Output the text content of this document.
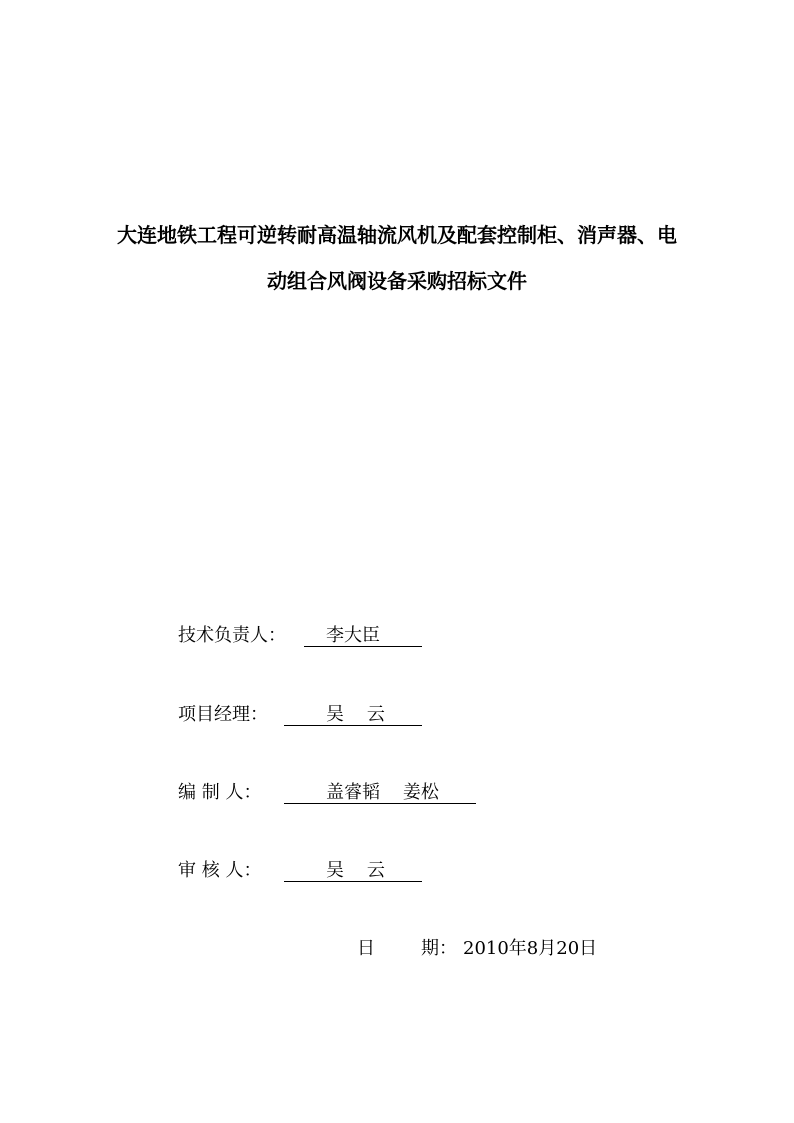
大连地铁工程可逆转耐高温轴流风机及配套控制柜、消声器、电
动组合风阀设备采购招标文件
技术负责人：	李大臣
项目经理：	吴    云
编 制 人：	盖睿韬    姜松
审 核 人：	吴    云
日	期： 2010年8月20日
